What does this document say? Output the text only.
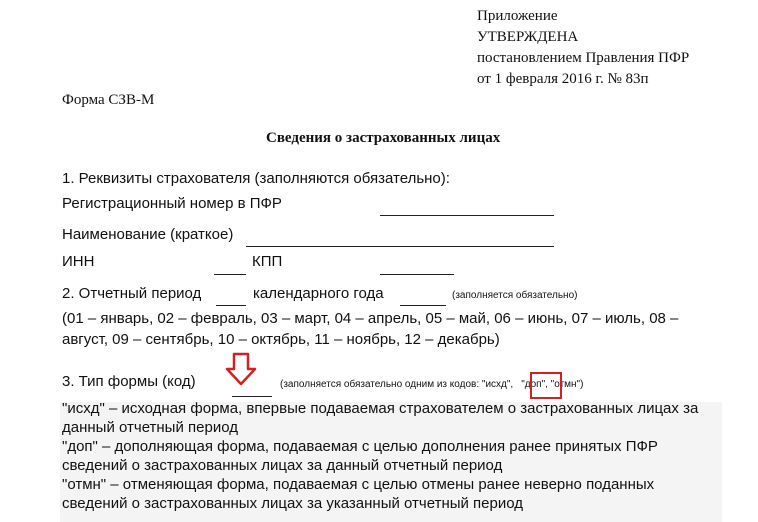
Приложение
УТВЕРЖДЕНА
постановлением Правления ПФР
от 1 февраля 2016 г. № 83п
Форма СЗВ-М
Сведения о застрахованных лицах
1. Реквизиты страхователя (заполняются обязательно):
Регистрационный номер в ПФР
Наименование (краткое)
ИНН	КПП
2. Отчетный период	календарного года	(заполняется обязательно)
(01 – январь, 02 – февраль, 03 – март, 04 – апрель, 05 – май, 06 – июнь, 07 – июль, 08 –
август, 09 – сентябрь, 10 – октябрь, 11 – ноябрь, 12 – декабрь)
3. Тип формы (код)	(заполняется обязательно одним из кодов: "исхд", "доп", "отмн")
"исхд" – исходная форма, впервые подаваемая страхователем о застрахованных лицах за
данный отчетный период
"доп" – дополняющая форма, подаваемая с целью дополнения ранее принятых ПФР
сведений о застрахованных лицах за данный отчетный период
"отмн" – отменяющая форма, подаваемая с целью отмены ранее неверно поданных
сведений о застрахованных лицах за указанный отчетный период
